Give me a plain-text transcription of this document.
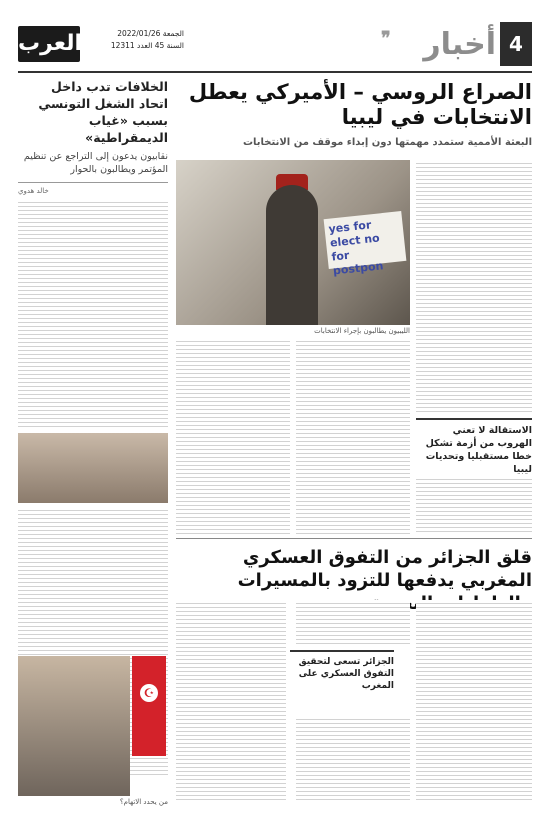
العرب	الجمعة 2022/01/26
السنة 45 العدد 12311	❞	أخبار 4
الخلافات تدب داخل اتحاد الشغل التونسي بسبب «غياب الديمقراطية»
نقابيون يدعون إلى التراجع عن تنظيم المؤتمر ويطالبون بالحوار
خالد هدوي
الصراع الروسي – الأميركي يعطل الانتخابات في ليبيا
البعثة الأممية ستمدد مهمتها دون إبداء موقف من الانتخابات
yes for elect no for postpon
الليبيون يطالبون بإجراء الانتخابات
الاستقالة لا تعني الهروب من أزمة تشكل خطا مستقبليا وتحديات ليبيا
قلق الجزائر من التفوق العسكري المغربي يدفعها للتزود بالمسيرات
الجزائر تسعى لتحقيق التفوق العسكري على المغرب
☪
من يحدد الاتهام؟
